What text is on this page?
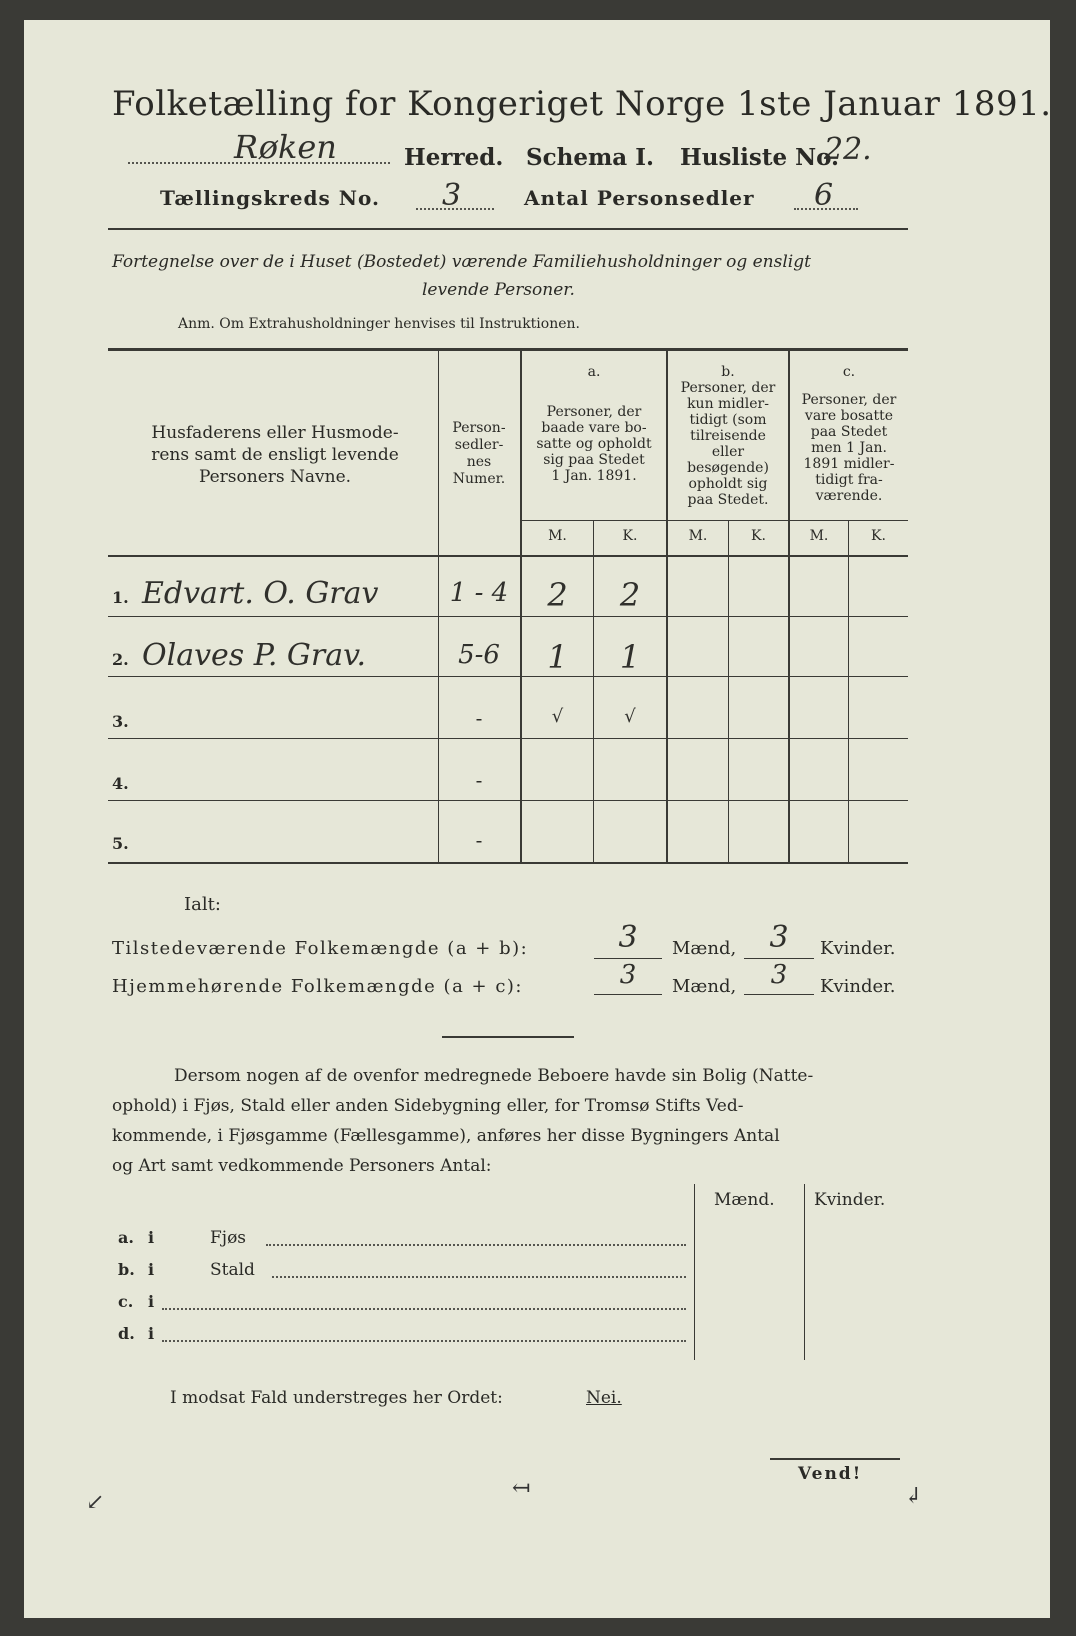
Folketælling for Kongeriget Norge 1ste Januar 1891.
Røken	Herred. Schema I. Husliste No.
22.
Tællingskreds No. 3	Antal Personsedler 6
Fortegnelse over de i Huset (Bostedet) værende Familiehusholdninger og ensligt
levende Personer.
Anm. Om Extrahusholdninger henvises til Instruktionen.
Husfaderens eller Husmode-
rens samt de ensligt levende
Personers Navne.
Person-
sedler-
nes
Numer.
a.
Personer, der
baade vare bo-
satte og opholdt
sig paa Stedet
1 Jan. 1891.
b.
Personer, der
kun midler-
tidigt (som
tilreisende
eller
besøgende)
opholdt sig
paa Stedet.
c.
Personer, der
vare bosatte
paa Stedet
men 1 Jan.
1891 midler-
tidigt fra-
værende.
M.	K.	M.	K.	M.	K.
1. Edvart. O. Grav	1 - 4	2	2
2. Olaves P. Grav.	5-6	1	1
3.	-	√	√
4.	-
5.	-
Ialt:
Tilstedeværende Folkemængde (a + b):	3	Mænd,	3	Kvinder.
Hjemmehørende Folkemængde (a + c):	3	Mænd,	3	Kvinder.
Dersom nogen af de ovenfor medregnede Beboere havde sin Bolig (Natte-
ophold) i Fjøs, Stald eller anden Sidebygning eller, for Tromsø Stifts Ved-
kommende, i Fjøsgamme (Fællesgamme), anføres her disse Bygningers Antal
og Art samt vedkommende Personers Antal:
Mænd. Kvinder.
a. i	Fjøs
b. i	Stald
c. i
d. i
I modsat Fald understreges her Ordet:	Nei.
Vend!
↙
↤	↲
